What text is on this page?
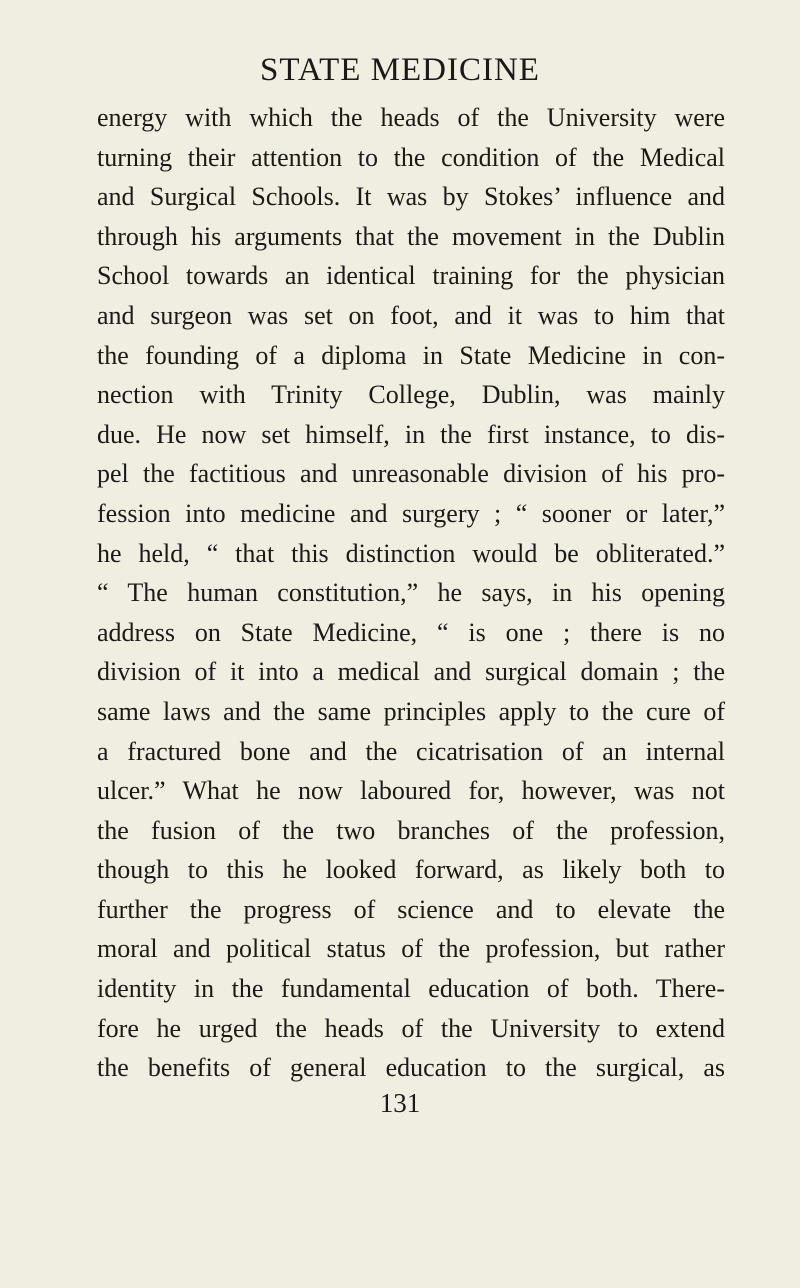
STATE MEDICINE
energy with which the heads of the University were
turning their attention to the condition of the Medical
and Surgical Schools. It was by Stokes’ influence and
through his arguments that the movement in the Dublin
School towards an identical training for the physician
and surgeon was set on foot, and it was to him that
the founding of a diploma in State Medicine in con-
nection with Trinity College, Dublin, was mainly
due. He now set himself, in the first instance, to dis-
pel the factitious and unreasonable division of his pro-
fession into medicine and surgery ; “ sooner or later,”
he held, “ that this distinction would be obliterated.”
“ The human constitution,” he says, in his opening
address on State Medicine, “ is one ; there is no
division of it into a medical and surgical domain ; the
same laws and the same principles apply to the cure of
a fractured bone and the cicatrisation of an internal
ulcer.” What he now laboured for, however, was not
the fusion of the two branches of the profession,
though to this he looked forward, as likely both to
further the progress of science and to elevate the
moral and political status of the profession, but rather
identity in the fundamental education of both. There-
fore he urged the heads of the University to extend
the benefits of general education to the surgical, as
131
